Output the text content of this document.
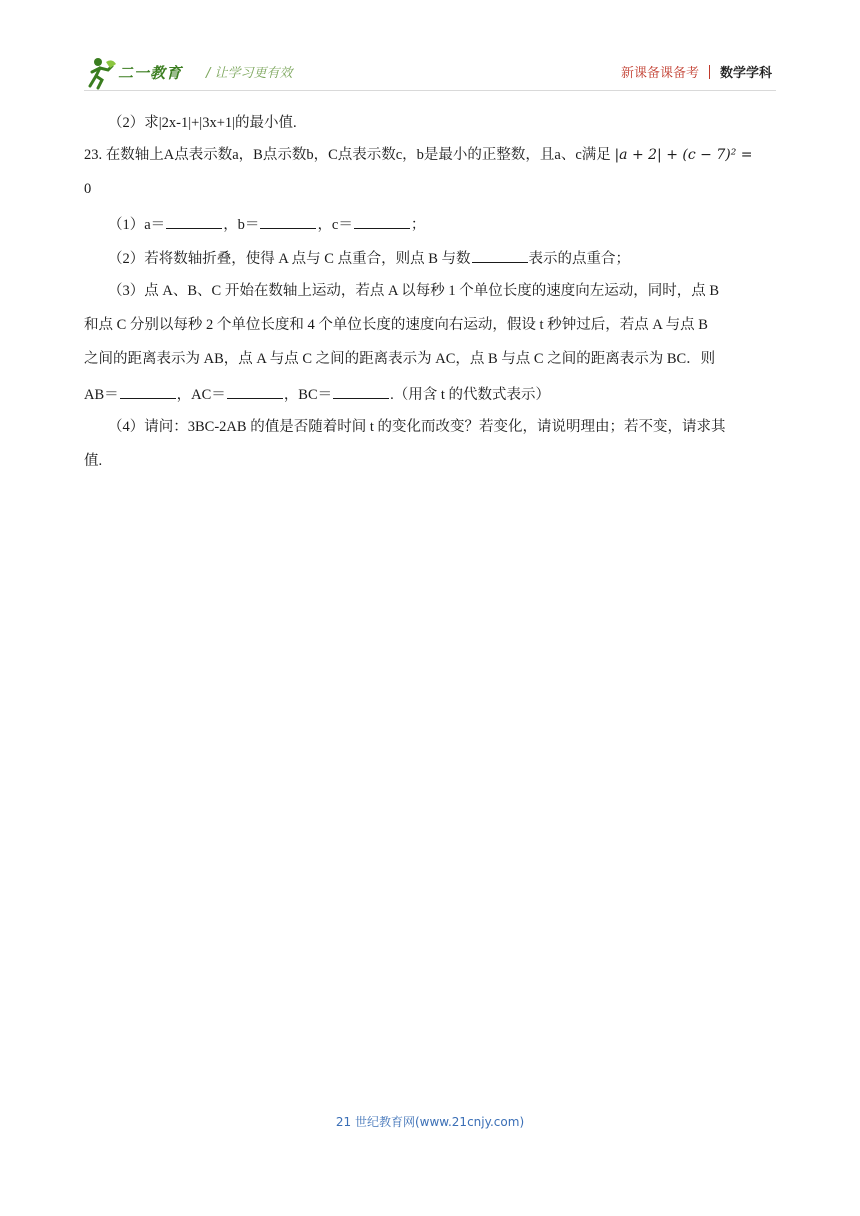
二一教育 / 让学习更有效	新课备课备考 数学学科
（2）求|2x-1|+|3x+1|的最小值.
23. 在数轴上A点表示数a，B点示数b，C点表示数c，b是最小的正整数，且a、c满足 |a + 2| + (c − 7)² =
0
（1）a＝	，b＝	，c＝	；
（2）若将数轴折叠，使得 A 点与 C 点重合，则点 B 与数	表示的点重合；
（3）点 A、B、C 开始在数轴上运动，若点 A 以每秒 1 个单位长度的速度向左运动，同时，点 B
和点 C 分别以每秒 2 个单位长度和 4 个单位长度的速度向右运动，假设 t 秒钟过后，若点 A 与点 B
之间的距离表示为 AB，点 A 与点 C 之间的距离表示为 AC，点 B 与点 C 之间的距离表示为 BC．则
AB＝	，AC＝	，BC＝	.（用含 t 的代数式表示）
（4）请问：3BC-2AB 的值是否随着时间 t 的变化而改变？若变化，请说明理由；若不变，请求其
值.
21 世纪教育网(www.21cnjy.com)
